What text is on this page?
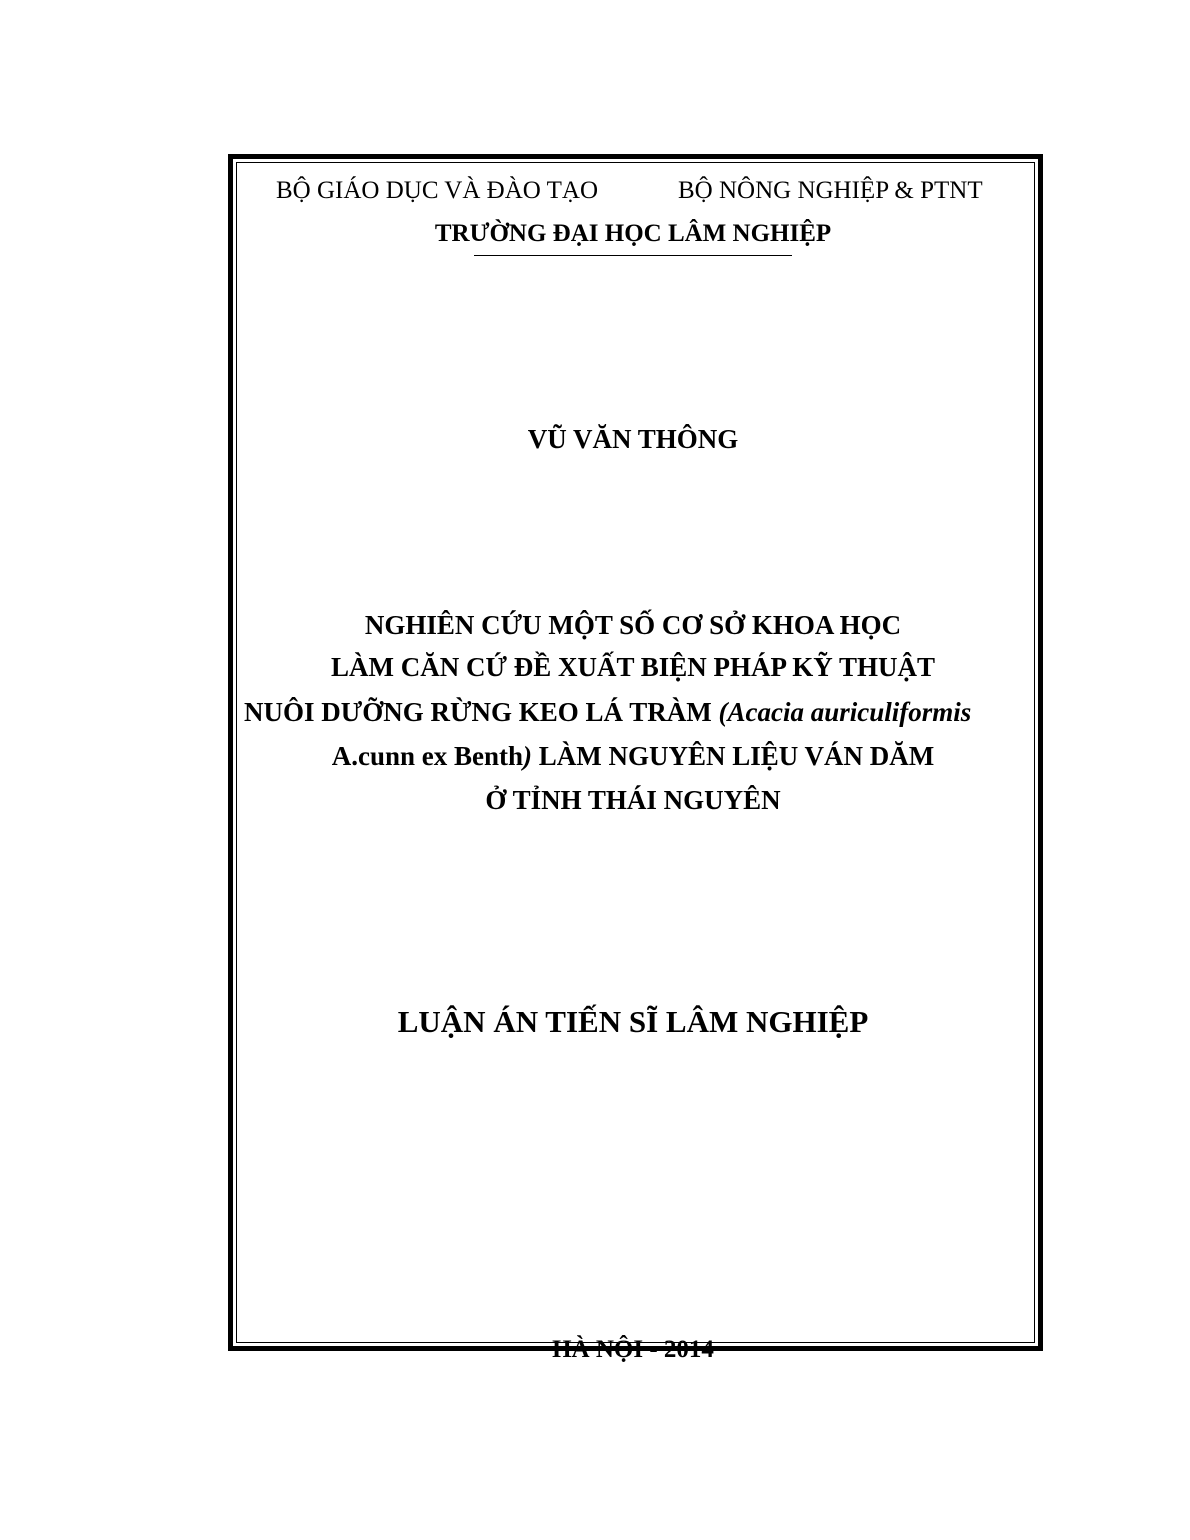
BỘ GIÁO DỤC VÀ ĐÀO TẠO	BỘ NÔNG NGHIỆP & PTNT
TRƯỜNG ĐẠI HỌC LÂM NGHIỆP
VŨ VĂN THÔNG
NGHIÊN CỨU MỘT SỐ CƠ SỞ KHOA HỌC
LÀM CĂN CỨ ĐỀ XUẤT BIỆN PHÁP KỸ THUẬT
NUÔI DƯỠNG RỪNG KEO LÁ TRÀM (Acacia auriculiformis
A.cunn ex Benth) LÀM NGUYÊN LIỆU VÁN DĂM
Ở TỈNH THÁI NGUYÊN
LUẬN ÁN TIẾN SĨ LÂM NGHIỆP
HÀ NỘI - 2014
